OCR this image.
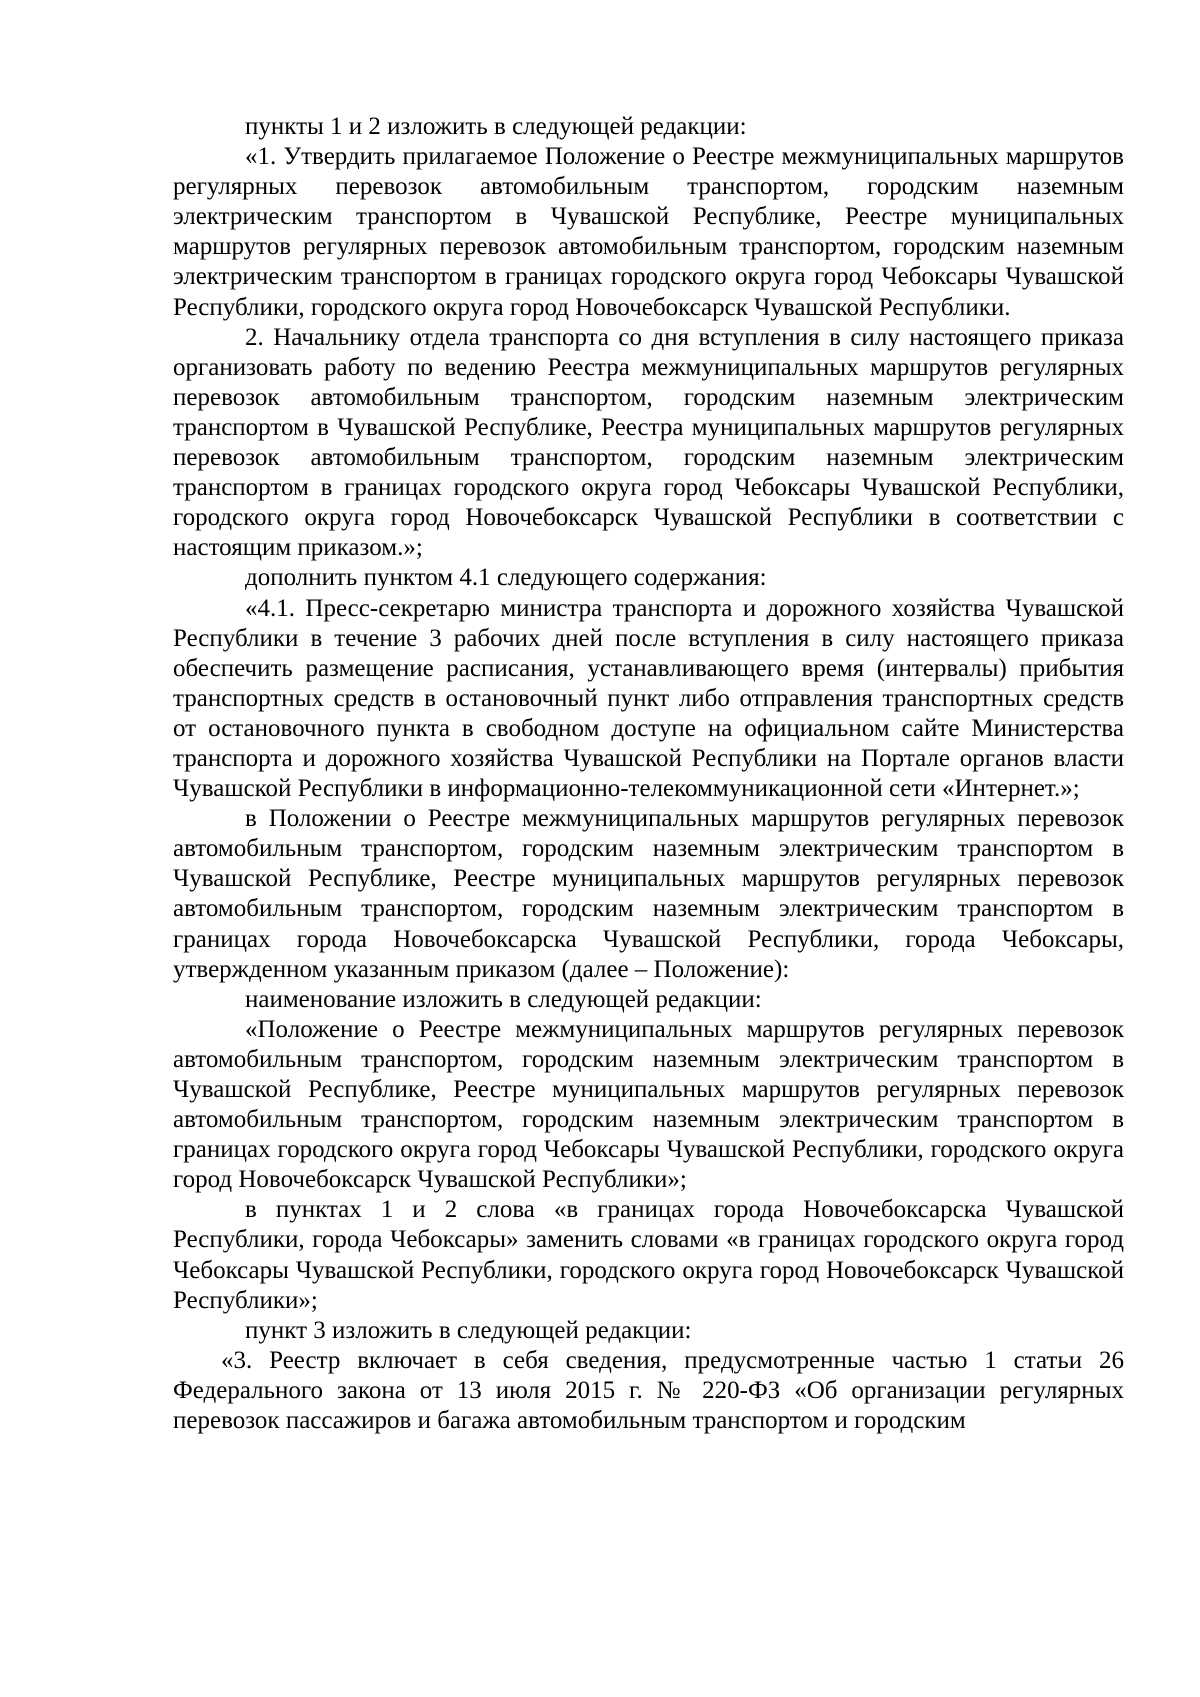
пункты 1 и 2 изложить в следующей редакции:

«1. Утвердить прилагаемое Положение о Реестре межмуниципальных маршрутов регулярных перевозок автомобильным транспортом, городским наземным электрическим транспортом в Чувашской Республике, Реестре муниципальных маршрутов регулярных перевозок автомобильным транспортом, городским наземным электрическим транспортом в границах городского округа город Чебоксары Чувашской Республики, городского округа город Новочебоксарск Чувашской Республики.

2. Начальнику отдела транспорта со дня вступления в силу настоящего приказа организовать работу по ведению Реестра межмуниципальных маршрутов регулярных перевозок автомобильным транспортом, городским наземным электрическим транспортом в Чувашской Республике, Реестра муниципальных маршрутов регулярных перевозок автомобильным транспортом, городским наземным электрическим транспортом в границах городского округа город Чебоксары Чувашской Республики, городского округа город Новочебоксарск Чувашской Республики в соответствии с настоящим приказом.»;

дополнить пунктом 4.1 следующего содержания:

«4.1. Пресс-секретарю министра транспорта и дорожного хозяйства Чувашской Республики в течение 3 рабочих дней после вступления в силу настоящего приказа обеспечить размещение расписания, устанавливающего время (интервалы) прибытия транспортных средств в остановочный пункт либо отправления транспортных средств от остановочного пункта в свободном доступе на официальном сайте Министерства транспорта и дорожного хозяйства Чувашской Республики на Портале органов власти Чувашской Республики в информационно-телекоммуникационной сети «Интернет.»;

в Положении о Реестре межмуниципальных маршрутов регулярных перевозок автомобильным транспортом, городским наземным электрическим транспортом в Чувашской Республике, Реестре муниципальных маршрутов регулярных перевозок автомобильным транспортом, городским наземным электрическим транспортом в границах города Новочебоксарска Чувашской Республики, города Чебоксары, утвержденном указанным приказом (далее – Положение):

наименование изложить в следующей редакции:

«Положение о Реестре межмуниципальных маршрутов регулярных перевозок автомобильным транспортом, городским наземным электрическим транспортом в Чувашской Республике, Реестре муниципальных маршрутов регулярных перевозок автомобильным транспортом, городским наземным электрическим транспортом в границах городского округа город Чебоксары Чувашской Республики, городского округа город Новочебоксарск Чувашской Республики»;

в пунктах 1 и 2 слова «в границах города Новочебоксарска Чувашской Республики, города Чебоксары» заменить словами «в границах городского округа город Чебоксары Чувашской Республики, городского округа город Новочебоксарск Чувашской Республики»;

пункт 3 изложить в следующей редакции:

«3. Реестр включает в себя сведения, предусмотренные частью 1 статьи 26 Федерального закона от 13 июля 2015 г. № 220-ФЗ «Об организации регулярных перевозок пассажиров и багажа автомобильным транспортом и городским
